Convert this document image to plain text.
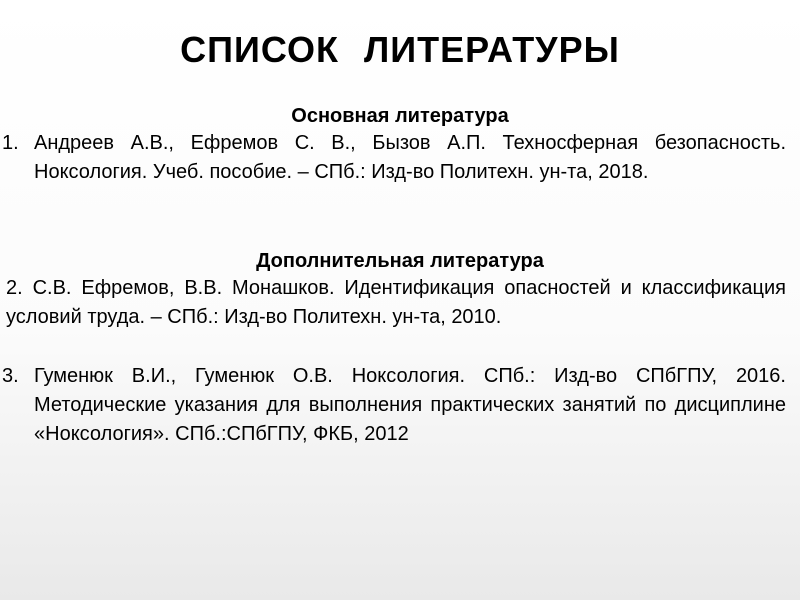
СПИСОК ЛИТЕРАТУРЫ
Основная литература
1. Андреев А.В., Ефремов С. В., Бызов А.П. Техносферная безопасность. Ноксология. Учеб. пособие. – СПб.: Изд-во Политехн. ун-та, 2018.
Дополнительная литература
2. С.В. Ефремов, В.В. Монашков. Идентификация опасностей и классификация условий труда. – СПб.: Изд-во Политехн. ун-та, 2010.
3. Гуменюк В.И., Гуменюк О.В. Ноксология. СПб.: Изд-во СПбГПУ, 2016. Методические указания для выполнения практических занятий по дисциплине «Ноксология». СПб.:СПбГПУ, ФКБ, 2012
